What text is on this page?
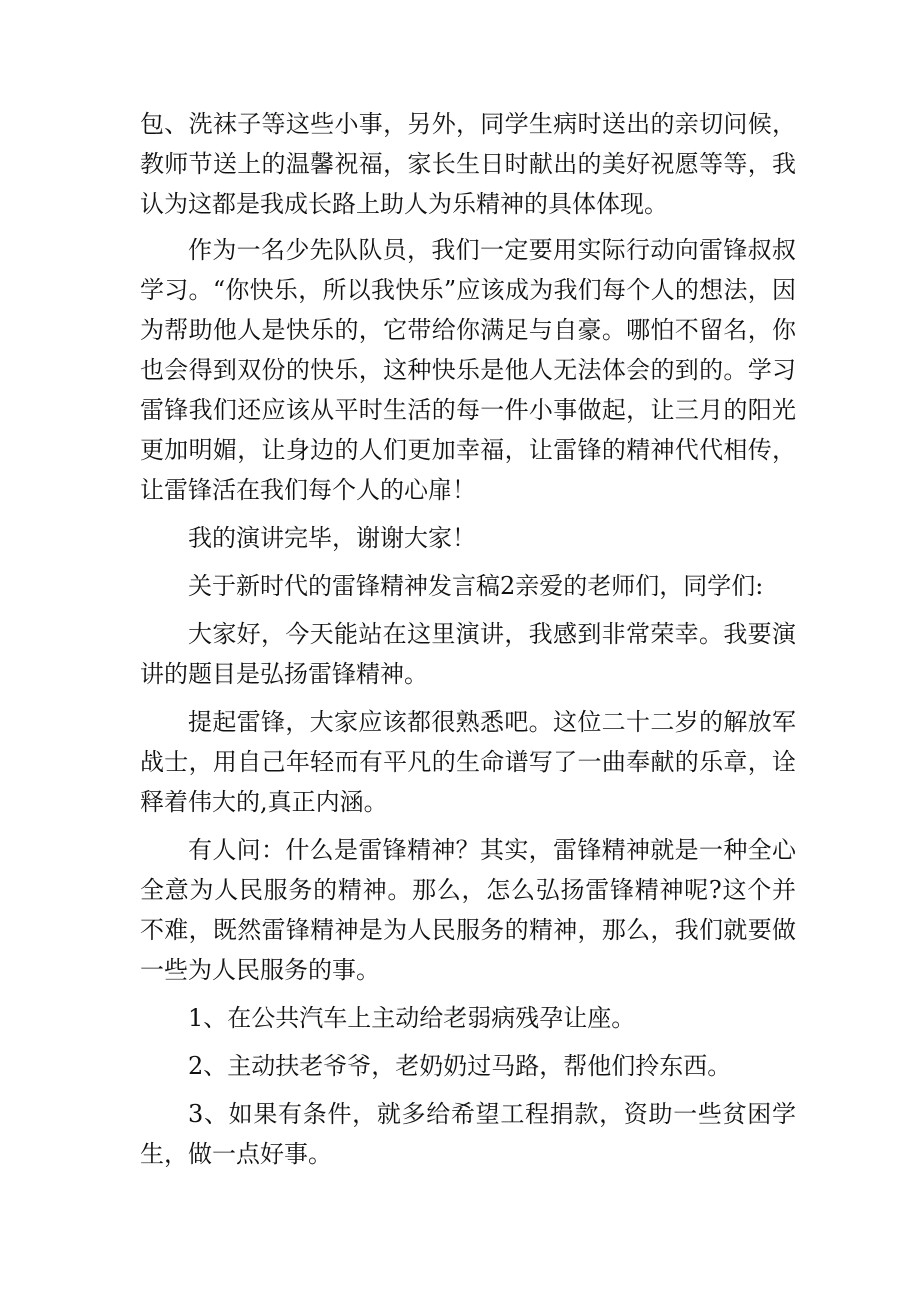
包、洗袜子等这些小事，另外，同学生病时送出的亲切问候，教师节送上的温馨祝福，家长生日时献出的美好祝愿等等，我认为这都是我成长路上助人为乐精神的具体体现。

作为一名少先队队员，我们一定要用实际行动向雷锋叔叔学习。“你快乐，所以我快乐”应该成为我们每个人的想法，因为帮助他人是快乐的，它带给你满足与自豪。哪怕不留名，你也会得到双份的快乐，这种快乐是他人无法体会的到的。学习雷锋我们还应该从平时生活的每一件小事做起，让三月的阳光更加明媚，让身边的人们更加幸福，让雷锋的精神代代相传，让雷锋活在我们每个人的心扉！

我的演讲完毕，谢谢大家！

关于新时代的雷锋精神发言稿2亲爱的老师们，同学们:

大家好，今天能站在这里演讲，我感到非常荣幸。我要演讲的题目是弘扬雷锋精神。

提起雷锋，大家应该都很熟悉吧。这位二十二岁的解放军战士，用自己年轻而有平凡的生命谱写了一曲奉献的乐章，诠释着伟大的,真正内涵。

有人问：什么是雷锋精神？其实，雷锋精神就是一种全心全意为人民服务的精神。那么，怎么弘扬雷锋精神呢?这个并不难，既然雷锋精神是为人民服务的精神，那么，我们就要做一些为人民服务的事。

1、在公共汽车上主动给老弱病残孕让座。

2、主动扶老爷爷，老奶奶过马路，帮他们拎东西。

3、如果有条件，就多给希望工程捐款，资助一些贫困学生，做一点好事。
